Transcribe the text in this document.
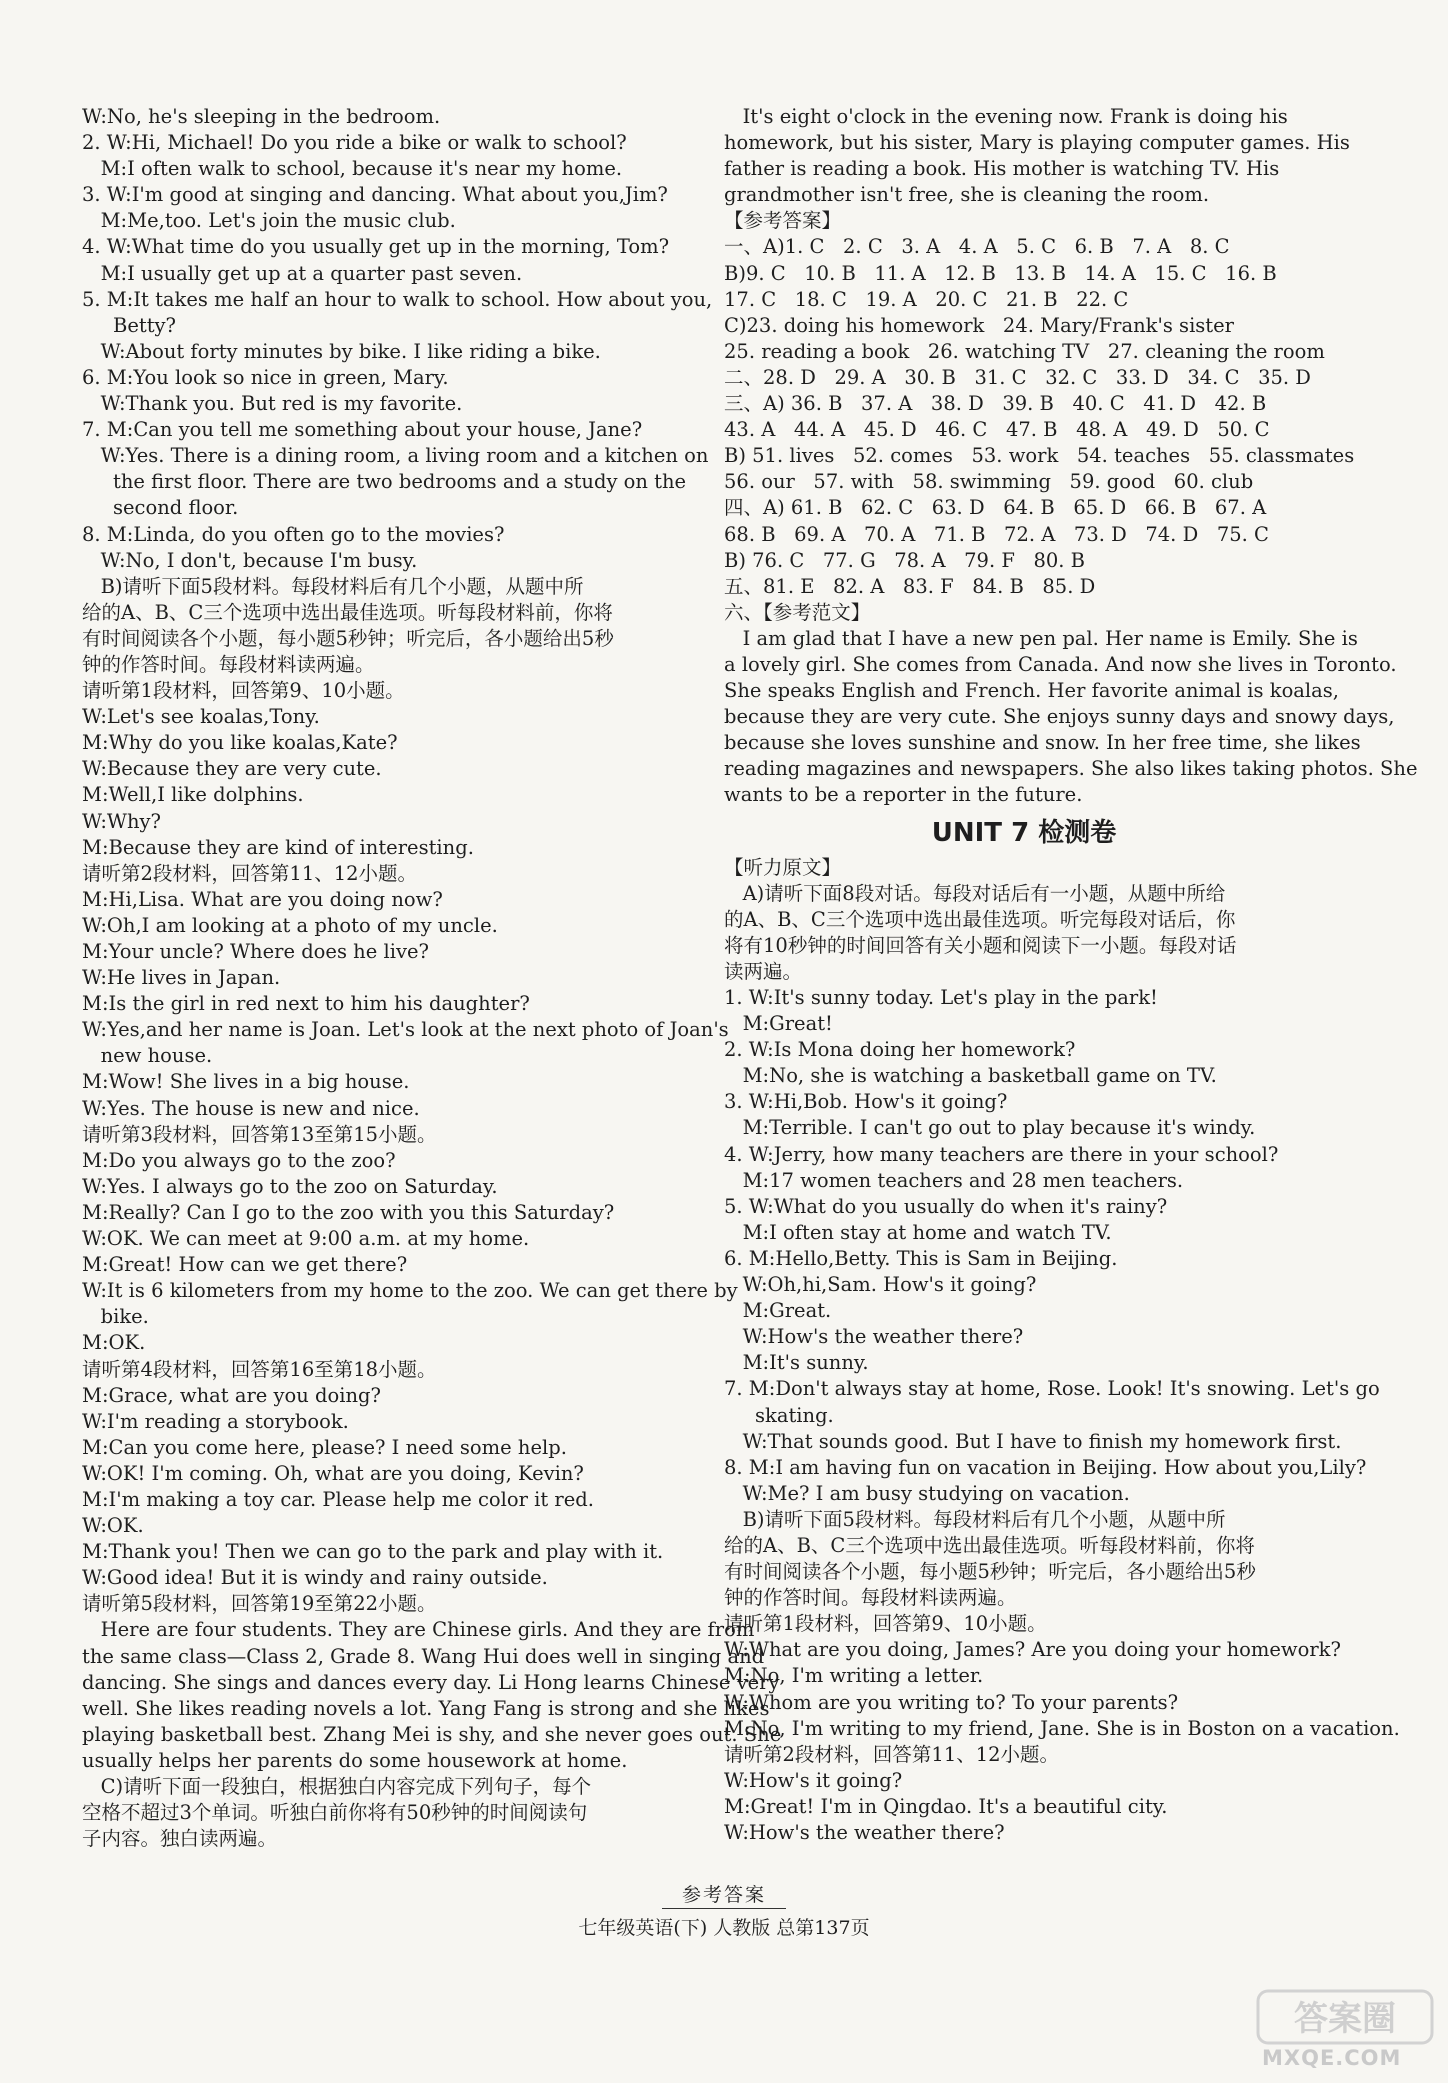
W:No, he's sleeping in the bedroom.
2. W:Hi, Michael! Do you ride a bike or walk to school?
M:I often walk to school, because it's near my home.
3. W:I'm good at singing and dancing. What about you,Jim?
M:Me,too. Let's join the music club.
4. W:What time do you usually get up in the morning, Tom?
M:I usually get up at a quarter past seven.
5. M:It takes me half an hour to walk to school. How about you,
Betty?
W:About forty minutes by bike. I like riding a bike.
6. M:You look so nice in green, Mary.
W:Thank you. But red is my favorite.
7. M:Can you tell me something about your house, Jane?
W:Yes. There is a dining room, a living room and a kitchen on
the first floor. There are two bedrooms and a study on the
second floor.
8. M:Linda, do you often go to the movies?
W:No, I don't, because I'm busy.
B)请听下面5段材料。每段材料后有几个小题，从题中所
给的A、B、C三个选项中选出最佳选项。听每段材料前，你将
有时间阅读各个小题，每小题5秒钟；听完后，各小题给出5秒
钟的作答时间。每段材料读两遍。
请听第1段材料，回答第9、10小题。
W:Let's see koalas,Tony.
M:Why do you like koalas,Kate?
W:Because they are very cute.
M:Well,I like dolphins.
W:Why?
M:Because they are kind of interesting.
请听第2段材料，回答第11、12小题。
M:Hi,Lisa. What are you doing now?
W:Oh,I am looking at a photo of my uncle.
M:Your uncle? Where does he live?
W:He lives in Japan.
M:Is the girl in red next to him his daughter?
W:Yes,and her name is Joan. Let's look at the next photo of Joan's
new house.
M:Wow! She lives in a big house.
W:Yes. The house is new and nice.
请听第3段材料，回答第13至第15小题。
M:Do you always go to the zoo?
W:Yes. I always go to the zoo on Saturday.
M:Really? Can I go to the zoo with you this Saturday?
W:OK. We can meet at 9:00 a.m. at my home.
M:Great! How can we get there?
W:It is 6 kilometers from my home to the zoo. We can get there by
bike.
M:OK.
请听第4段材料，回答第16至第18小题。
M:Grace, what are you doing?
W:I'm reading a storybook.
M:Can you come here, please? I need some help.
W:OK! I'm coming. Oh, what are you doing, Kevin?
M:I'm making a toy car. Please help me color it red.
W:OK.
M:Thank you! Then we can go to the park and play with it.
W:Good idea! But it is windy and rainy outside.
请听第5段材料，回答第19至第22小题。
Here are four students. They are Chinese girls. And they are from
the same class—Class 2, Grade 8. Wang Hui does well in singing and
dancing. She sings and dances every day. Li Hong learns Chinese very
well. She likes reading novels a lot. Yang Fang is strong and she likes
playing basketball best. Zhang Mei is shy, and she never goes out. She
usually helps her parents do some housework at home.
C)请听下面一段独白，根据独白内容完成下列句子，每个
空格不超过3个单词。听独白前你将有50秒钟的时间阅读句
子内容。独白读两遍。
It's eight o'clock in the evening now. Frank is doing his
homework, but his sister, Mary is playing computer games. His
father is reading a book. His mother is watching TV. His
grandmother isn't free, she is cleaning the room.
【参考答案】
一、A)1. C   2. C   3. A   4. A   5. C   6. B   7. A   8. C
B)9. C   10. B   11. A   12. B   13. B   14. A   15. C   16. B
17. C   18. C   19. A   20. C   21. B   22. C
C)23. doing his homework   24. Mary/Frank's sister
25. reading a book   26. watching TV   27. cleaning the room
二、28. D   29. A   30. B   31. C   32. C   33. D   34. C   35. D
三、A) 36. B   37. A   38. D   39. B   40. C   41. D   42. B
43. A   44. A   45. D   46. C   47. B   48. A   49. D   50. C
B) 51. lives   52. comes   53. work   54. teaches   55. classmates
56. our   57. with   58. swimming   59. good   60. club
四、A) 61. B   62. C   63. D   64. B   65. D   66. B   67. A
68. B   69. A   70. A   71. B   72. A   73. D   74. D   75. C
B) 76. C   77. G   78. A   79. F   80. B
五、81. E   82. A   83. F   84. B   85. D
六、【参考范文】
I am glad that I have a new pen pal. Her name is Emily. She is
a lovely girl. She comes from Canada. And now she lives in Toronto.
She speaks English and French. Her favorite animal is koalas,
because they are very cute. She enjoys sunny days and snowy days,
because she loves sunshine and snow. In her free time, she likes
reading magazines and newspapers. She also likes taking photos. She
wants to be a reporter in the future.
UNIT 7 检测卷
【听力原文】
A)请听下面8段对话。每段对话后有一小题，从题中所给
的A、B、C三个选项中选出最佳选项。听完每段对话后，你
将有10秒钟的时间回答有关小题和阅读下一小题。每段对话
读两遍。
1. W:It's sunny today. Let's play in the park!
M:Great!
2. W:Is Mona doing her homework?
M:No, she is watching a basketball game on TV.
3. W:Hi,Bob. How's it going?
M:Terrible. I can't go out to play because it's windy.
4. W:Jerry, how many teachers are there in your school?
M:17 women teachers and 28 men teachers.
5. W:What do you usually do when it's rainy?
M:I often stay at home and watch TV.
6. M:Hello,Betty. This is Sam in Beijing.
W:Oh,hi,Sam. How's it going?
M:Great.
W:How's the weather there?
M:It's sunny.
7. M:Don't always stay at home, Rose. Look! It's snowing. Let's go
skating.
W:That sounds good. But I have to finish my homework first.
8. M:I am having fun on vacation in Beijing. How about you,Lily?
W:Me? I am busy studying on vacation.
B)请听下面5段材料。每段材料后有几个小题，从题中所
给的A、B、C三个选项中选出最佳选项。听每段材料前，你将
有时间阅读各个小题，每小题5秒钟；听完后，各小题给出5秒
钟的作答时间。每段材料读两遍。
请听第1段材料，回答第9、10小题。
W:What are you doing, James? Are you doing your homework?
M:No, I'm writing a letter.
W:Whom are you writing to? To your parents?
M:No, I'm writing to my friend, Jane. She is in Boston on a vacation.
请听第2段材料，回答第11、12小题。
W:How's it going?
M:Great! I'm in Qingdao. It's a beautiful city.
W:How's the weather there?
参考答案
七年级英语(下) 人教版 总第137页
答案圈
MXQE.COM
